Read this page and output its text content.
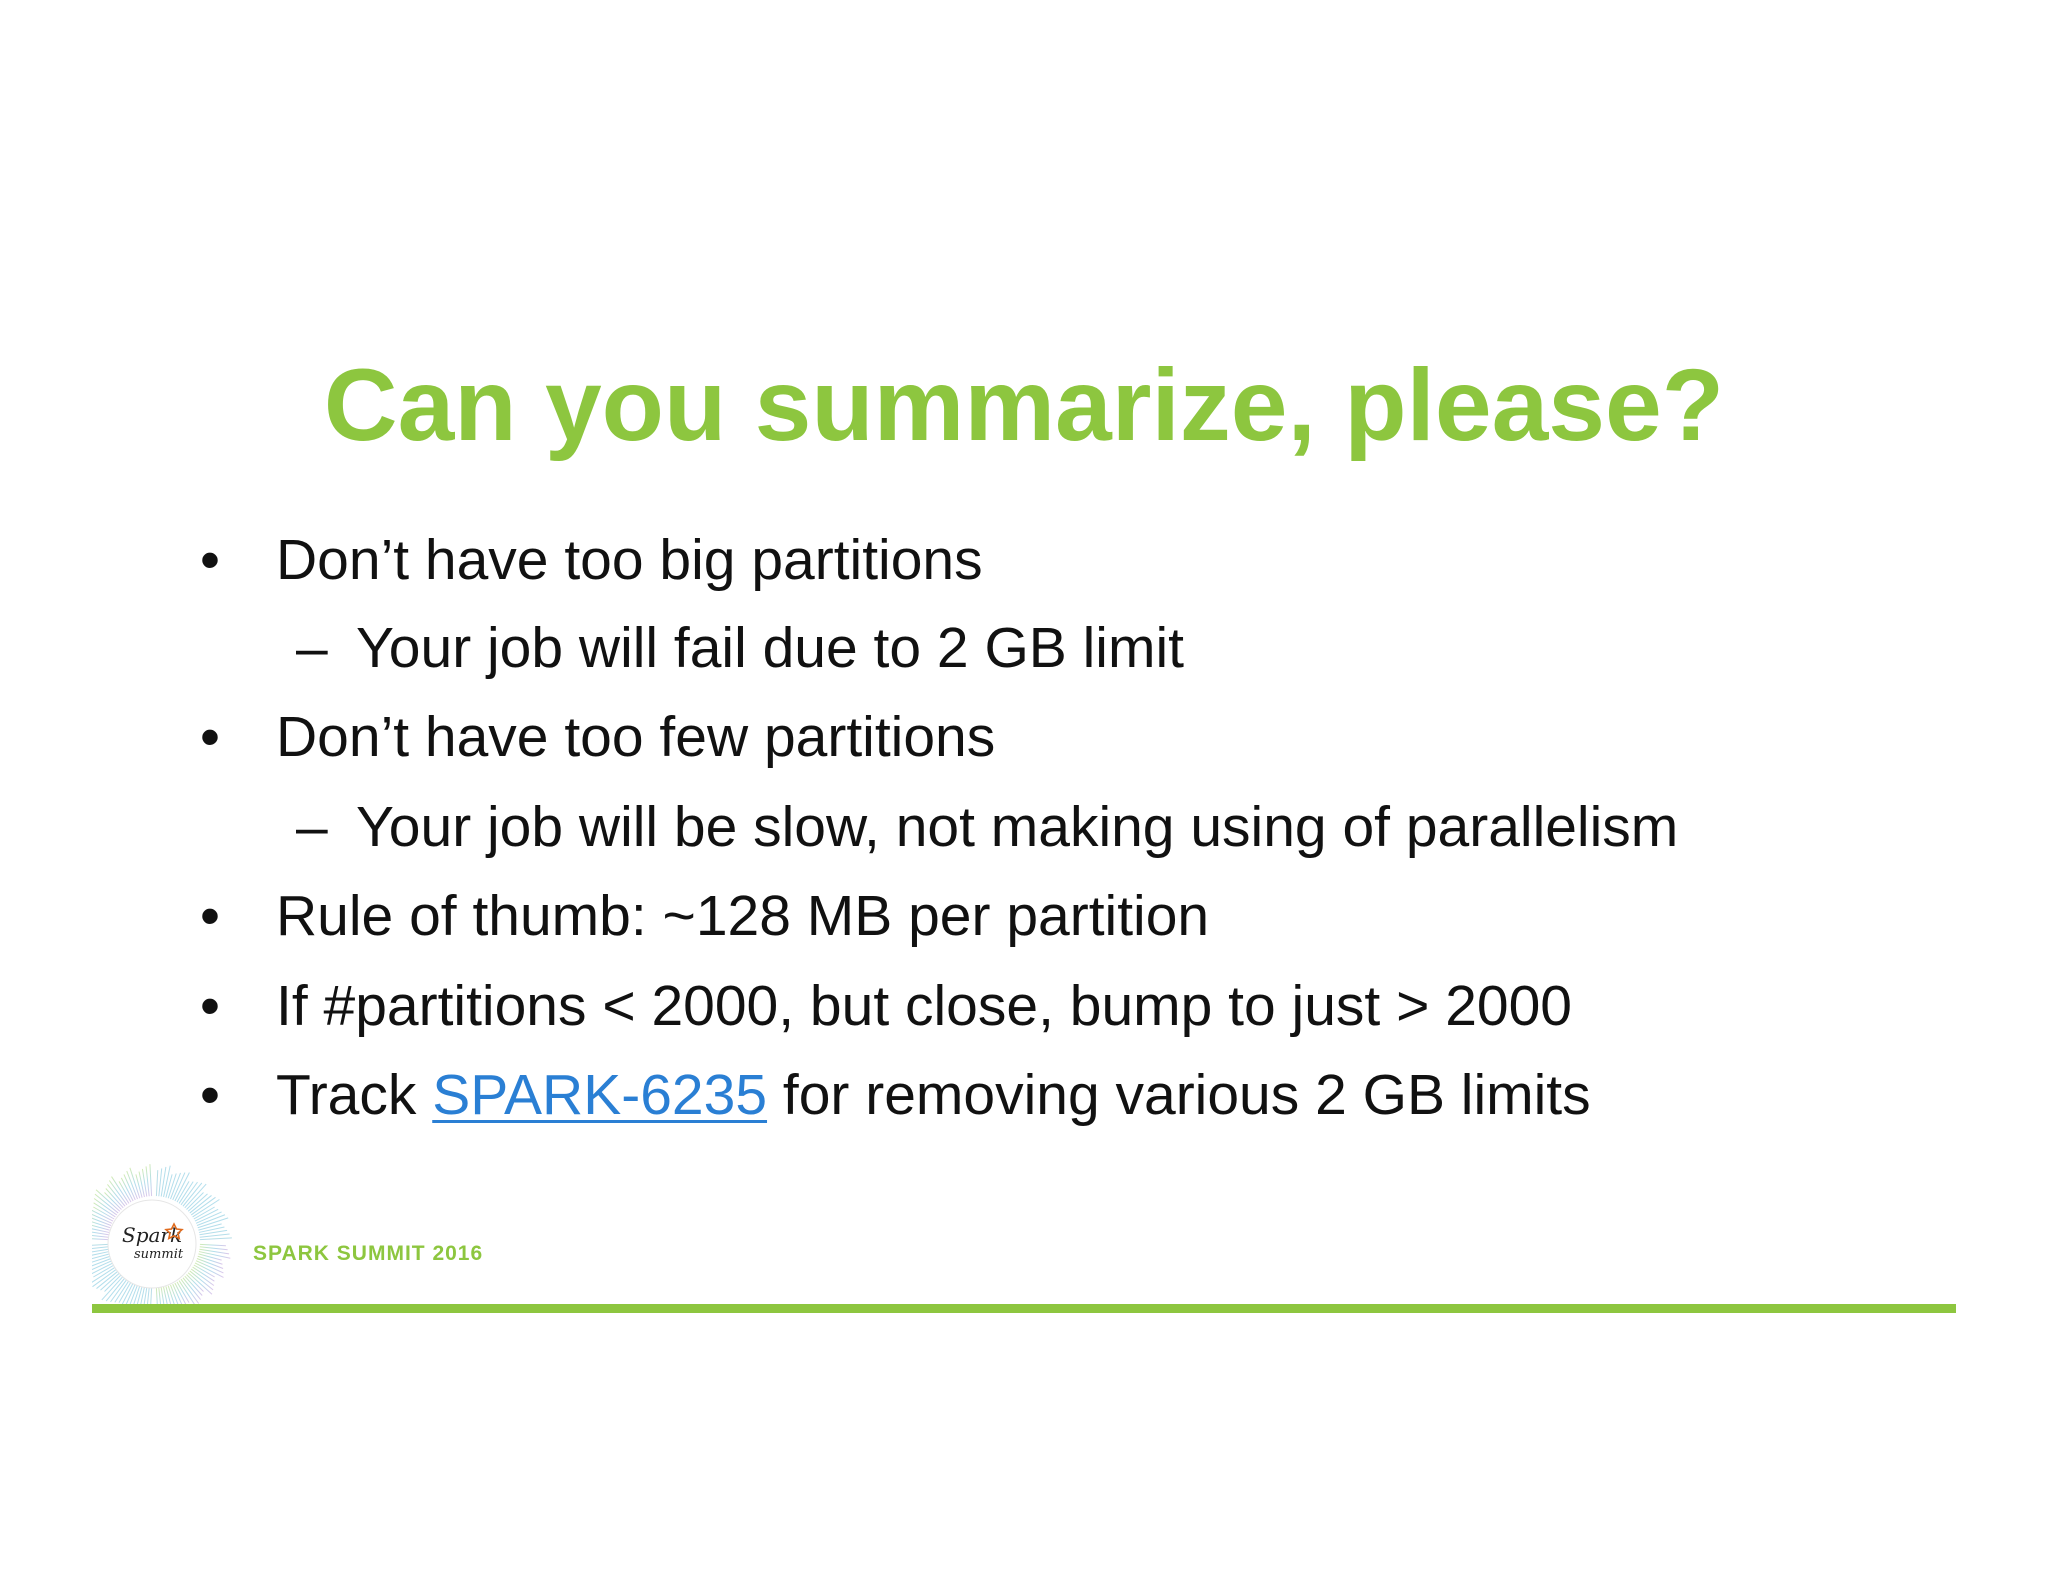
Can you summarize, please?
• Don’t have too big partitions
– Your job will fail due to 2 GB limit
• Don’t have too few partitions
– Your job will be slow, not making using of parallelism
• Rule of thumb: ~128 MB per partition
• If #partitions < 2000, but close, bump to just > 2000
• Track SPARK-6235 for removing various 2 GB limits
Spark
summit	SPARK SUMMIT 2016
